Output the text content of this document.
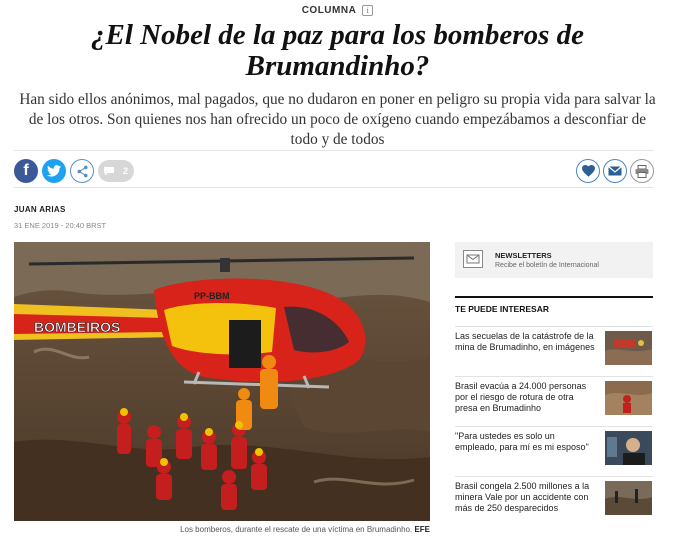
COLUMNA	i
¿El Nobel de la paz para los bomberos de
Brumandinho?

Han sido ellos anónimos, mal pagados, que no dudaron en poner en peligro su propia vida para salvar la de los otros. Son quienes nos han ofrecido un poco de oxígeno cuando empezábamos a desconfiar de todo y de todos

f	2
JUAN ARIAS
31 ENE 2019 - 20:40 BRST
BOMBEIROS
PP-BBM
Los bomberos, durante el rescate de una víctima en Brumadinho. EFE
NEWSLETTERS
Recibe el boletín de Internacional
TE PUEDE INTERESAR
Las secuelas de la catástrofe de la mina de Brumadinho, en imágenes
Brasil evacúa a 24.000 personas por el riesgo de rotura de otra presa en Brumadinho
"Para ustedes es solo un empleado, para mí es mi esposo"
Brasil congela 2.500 millones a la minera Vale por un accidente con más de 250 desparecidos
